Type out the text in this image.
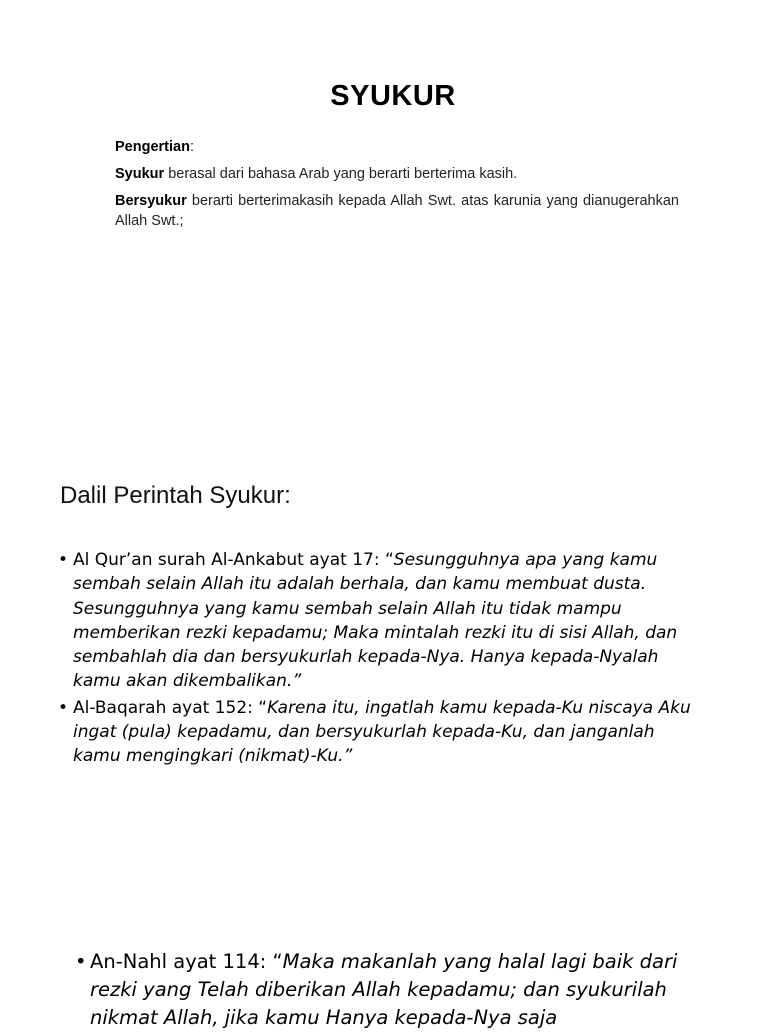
SYUKUR

Pengertian:

Syukur berasal dari bahasa Arab yang berarti berterima kasih.

Bersyukur berarti berterimakasih kepada Allah Swt. atas karunia yang dianugerahkan Allah Swt.;

Dalil Perintah Syukur:
• Al Qur’an surah Al-Ankabut ayat 17: “Sesungguhnya apa yang kamu sembah selain Allah itu adalah berhala, dan kamu membuat dusta. Sesungguhnya yang kamu sembah selain Allah itu tidak mampu memberikan rezki kepadamu; Maka mintalah rezki itu di sisi Allah, dan sembahlah dia dan bersyukurlah kepada-Nya. Hanya kepada-Nyalah kamu akan dikembalikan.”
• Al-Baqarah ayat 152: “Karena itu, ingatlah kamu kepada-Ku niscaya Aku ingat (pula) kepadamu, dan bersyukurlah kepada-Ku, dan janganlah kamu mengingkari (nikmat)-Ku.”
• An-Nahl ayat 114: “Maka makanlah yang halal lagi baik dari rezki yang Telah diberikan Allah kepadamu; dan syukurilah nikmat Allah, jika kamu Hanya kepada-Nya saja
